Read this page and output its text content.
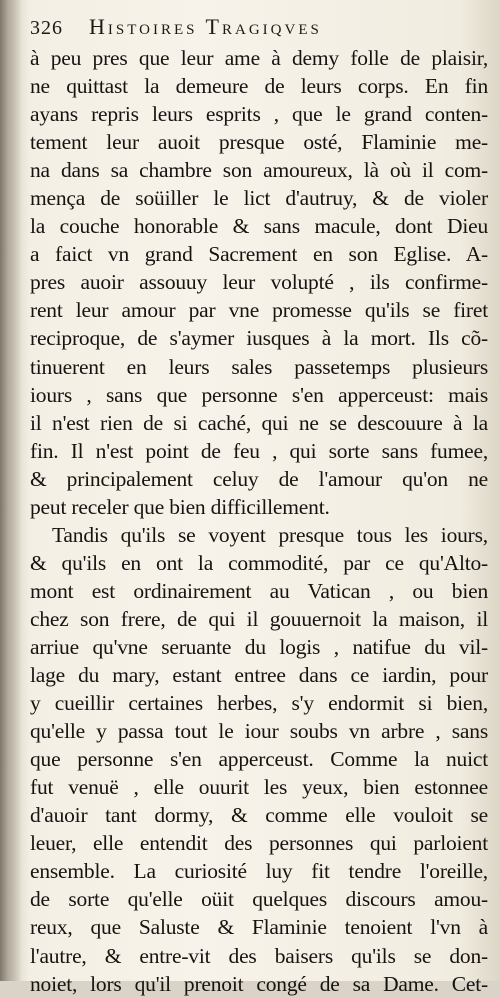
326 Histoires Tragiqves
à peu pres que leur ame à demy folle de plaisir,
ne quittast la demeure de leurs corps. En fin
ayans repris leurs esprits , que le grand conten-
tement leur auoit presque osté, Flaminie me-
na dans sa chambre son amoureux, là où il com-
mença de soüiller le lict d'autruy, & de violer
la couche honorable & sans macule, dont Dieu
a faict vn grand Sacrement en son Eglise. A-
pres auoir assouuy leur volupté , ils confirme-
rent leur amour par vne promesse qu'ils se firet
reciproque, de s'aymer iusques à la mort. Ils cõ-
tinuerent en leurs sales passetemps plusieurs
iours , sans que personne s'en apperceust: mais
il n'est rien de si caché, qui ne se descouure à la
fin. Il n'est point de feu , qui sorte sans fumee,
& principalement celuy de l'amour qu'on ne
peut receler que bien difficillement.
Tandis qu'ils se voyent presque tous les iours,
& qu'ils en ont la commodité, par ce qu'Alto-
mont est ordinairement au Vatican , ou bien
chez son frere, de qui il gouuernoit la maison, il
arriue qu'vne seruante du logis , natifue du vil-
lage du mary, estant entree dans ce iardin, pour
y cueillir certaines herbes, s'y endormit si bien,
qu'elle y passa tout le iour soubs vn arbre , sans
que personne s'en apperceust. Comme la nuict
fut venuë , elle ouurit les yeux, bien estonnee
d'auoir tant dormy, & comme elle vouloit se
leuer, elle entendit des personnes qui parloient
ensemble. La curiosité luy fit tendre l'oreille,
de sorte qu'elle oüit quelques discours amou-
reux, que Saluste & Flaminie tenoient l'vn à
l'autre, & entre-vit des baisers qu'ils se don-
noiet, lors qu'il prenoit congé de sa Dame. Cet-
